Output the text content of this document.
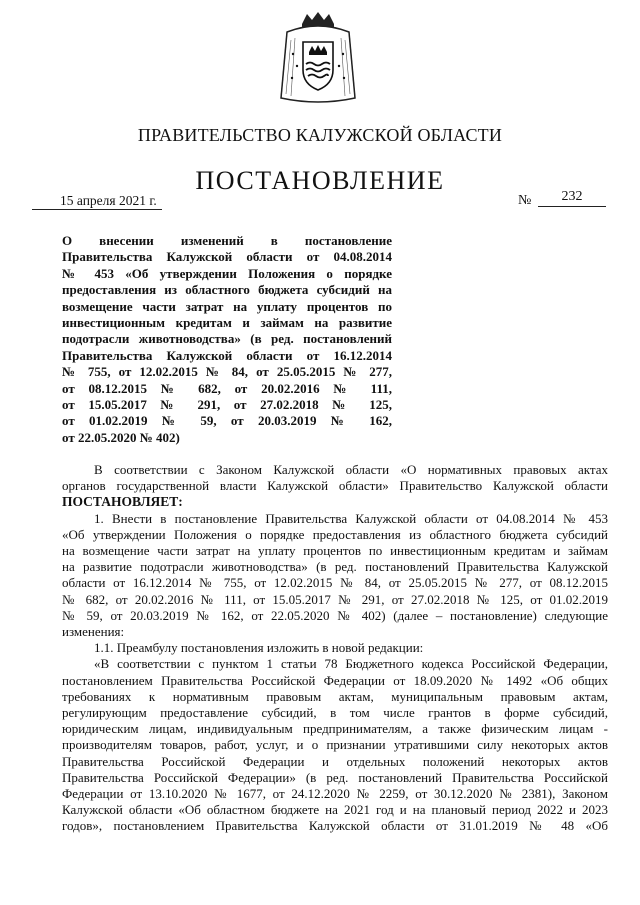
ПРАВИТЕЛЬСТВО КАЛУЖСКОЙ ОБЛАСТИ
ПОСТАНОВЛЕНИЕ
15 апреля 2021 г.	№	232
О внесении изменений в постановление
Правительства Калужской области от 04.08.2014
№ 453 «Об утверждении Положения о порядке
предоставления из областного бюджета субсидий на
возмещение части затрат на уплату процентов по
инвестиционным кредитам и займам на развитие
подотрасли животноводства» (в ред. постановлений
Правительства Калужской области от 16.12.2014
№ 755, от 12.02.2015 № 84, от 25.05.2015 № 277,
от 08.12.2015 № 682, от 20.02.2016 № 111,
от 15.05.2017 № 291, от 27.02.2018 № 125,
от 01.02.2019 № 59, от 20.03.2019 № 162,
от 22.05.2020 № 402)
В соответствии с Законом Калужской области «О нормативных правовых актах
органов государственной власти Калужской области» Правительство Калужской области
ПОСТАНОВЛЯЕТ:
1. Внести в постановление Правительства Калужской области от 04.08.2014 № 453
«Об утверждении Положения о порядке предоставления из областного бюджета субсидий
на возмещение части затрат на уплату процентов по инвестиционным кредитам и займам
на развитие подотрасли животноводства» (в ред. постановлений Правительства Калужской
области от 16.12.2014 № 755, от 12.02.2015 № 84, от 25.05.2015 № 277, от 08.12.2015
№ 682, от 20.02.2016 № 111, от 15.05.2017 № 291, от 27.02.2018 № 125, от 01.02.2019
№ 59, от 20.03.2019 № 162, от 22.05.2020 № 402) (далее – постановление) следующие
изменения:
1.1. Преамбулу постановления изложить в новой редакции:
«В соответствии с пунктом 1 статьи 78 Бюджетного кодекса Российской Федерации,
постановлением Правительства Российской Федерации от 18.09.2020 № 1492 «Об общих
требованиях к нормативным правовым актам, муниципальным правовым актам,
регулирующим предоставление субсидий, в том числе грантов в форме субсидий,
юридическим лицам, индивидуальным предпринимателям, а также физическим лицам -
производителям товаров, работ, услуг, и о признании утратившими силу некоторых актов
Правительства Российской Федерации и отдельных положений некоторых актов
Правительства Российской Федерации» (в ред. постановлений Правительства Российской
Федерации от 13.10.2020 № 1677, от 24.12.2020 № 2259, от 30.12.2020 № 2381), Законом
Калужской области «Об областном бюджете на 2021 год и на плановый период 2022 и 2023
годов», постановлением Правительства Калужской области от 31.01.2019 № 48 «Об
